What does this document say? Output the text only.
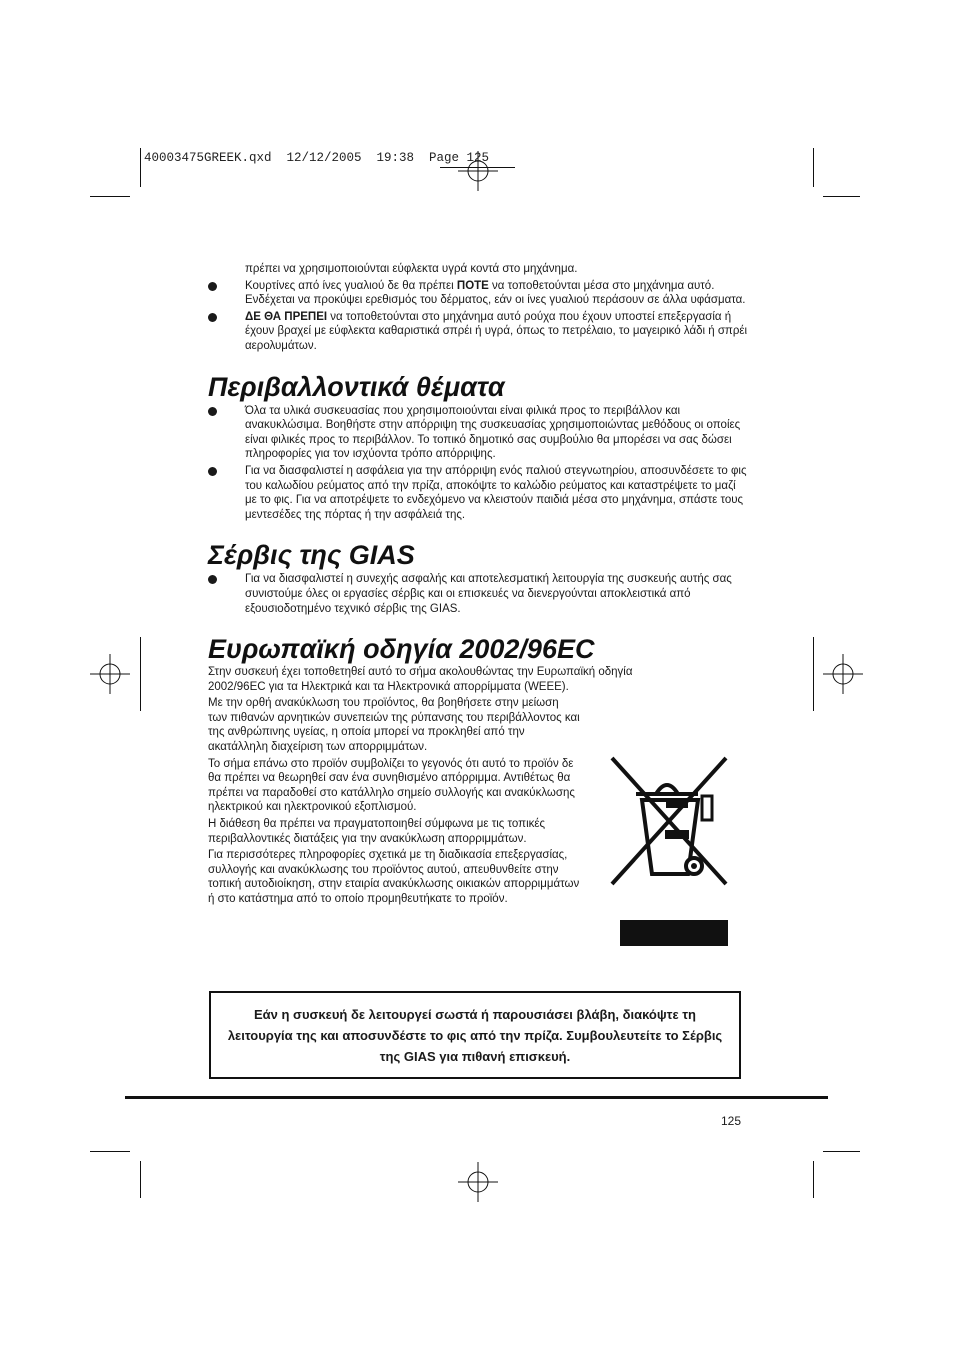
40003475GREEK.qxd  12/12/2005  19:38  Page 125

πρέπει να χρησιμοποιούνται εύφλεκτα υγρά κοντά στο μηχάνημα.

Κουρτίνες από ίνες γυαλιού δε θα πρέπει ΠΟΤΕ να τοποθετούνται μέσα στο μηχάνημα αυτό. Ενδέχεται να προκύψει ερεθισμός του δέρματος, εάν οι ίνες γυαλιού περάσουν σε άλλα υφάσματα.
ΔΕ ΘΑ ΠΡΕΠΕΙ να τοποθετούνται στο μηχάνημα αυτό ρούχα που έχουν υποστεί επεξεργασία ή έχουν βραχεί με εύφλεκτα καθαριστικά σπρέι ή υγρά, όπως το πετρέλαιο, το μαγειρικό λάδι ή σπρέι αερολυμάτων.
Περιβαλλοντικά θέματα
Όλα τα υλικά συσκευασίας που χρησιμοποιούνται είναι φιλικά προς το περιβάλλον και ανακυκλώσιμα. Βοηθήστε στην απόρριψη της συσκευασίας χρησιμοποιώντας μεθόδους οι οποίες είναι φιλικές προς το περιβάλλον. Το τοπικό δημοτικό σας συμβούλιο θα μπορέσει να σας δώσει πληροφορίες για τον ισχύοντα τρόπο απόρριψης.
Για να διασφαλιστεί η ασφάλεια για την απόρριψη ενός παλιού στεγνωτηρίου, αποσυνδέσετε το φις του καλωδίου ρεύματος από την πρίζα, αποκόψτε το καλώδιο ρεύματος και καταστρέψετε το μαζί με το φις. Για να αποτρέψετε το ενδεχόμενο να κλειστούν παιδιά μέσα στο μηχάνημα, σπάστε τους μεντεσέδες της πόρτας ή την ασφάλειά της.
Σέρβις της GIAS
Για να διασφαλιστεί η συνεχής ασφαλής και αποτελεσματική λειτουργία της συσκευής αυτής σας συνιστούμε όλες οι εργασίες σέρβις και οι επισκευές να διενεργούνται αποκλειστικά από εξουσιοδοτημένο τεχνικό σέρβις της GIAS.
Ευρωπαϊκή οδηγία 2002/96EC

Στην συσκευή έχει τοποθετηθεί αυτό το σήμα ακολουθώντας την Ευρωπαϊκή οδηγία 2002/96EC για τα Ηλεκτρικά και τα Ηλεκτρονικά απορρίμματα (WEEE).

Με την ορθή ανακύκλωση του προϊόντος, θα βοηθήσετε στην μείωση των πιθανών αρνητικών συνεπειών της ρύπανσης του περιβάλλοντος και της ανθρώπινης υγείας, η οποία μπορεί να προκληθεί από την ακατάλληλη διαχείριση των απορριμμάτων.

Το σήμα επάνω στο προϊόν συμβολίζει το γεγονός ότι αυτό το προϊόν δε θα πρέπει να θεωρηθεί σαν ένα συνηθισμένο απόρριμμα. Αντιθέτως θα πρέπει να παραδοθεί στο κατάλληλο σημείο συλλογής και ανακύκλωσης ηλεκτρικού και ηλεκτρονικού εξοπλισμού.

Η διάθεση θα πρέπει να πραγματοποιηθεί σύμφωνα με τις τοπικές περιβαλλοντικές διατάξεις για την ανακύκλωση απορριμμάτων.

Για περισσότερες πληροφορίες σχετικά με τη διαδικασία επεξεργασίας, συλλογής και ανακύκλωσης του προϊόντος αυτού, απευθυνθείτε στην τοπική αυτοδιοίκηση, στην εταιρία ανακύκλωσης οικιακών απορριμμάτων ή στο κατάστημα από το οποίο προμηθευτήκατε το προϊόν.

Εάν η συσκευή δε λειτουργεί σωστά ή παρουσιάσει βλάβη, διακόψτε τη λειτουργία της και αποσυνδέστε το φις από την πρίζα. Συμβουλευτείτε το Σέρβις της GIAS για πιθανή επισκευή.
125
